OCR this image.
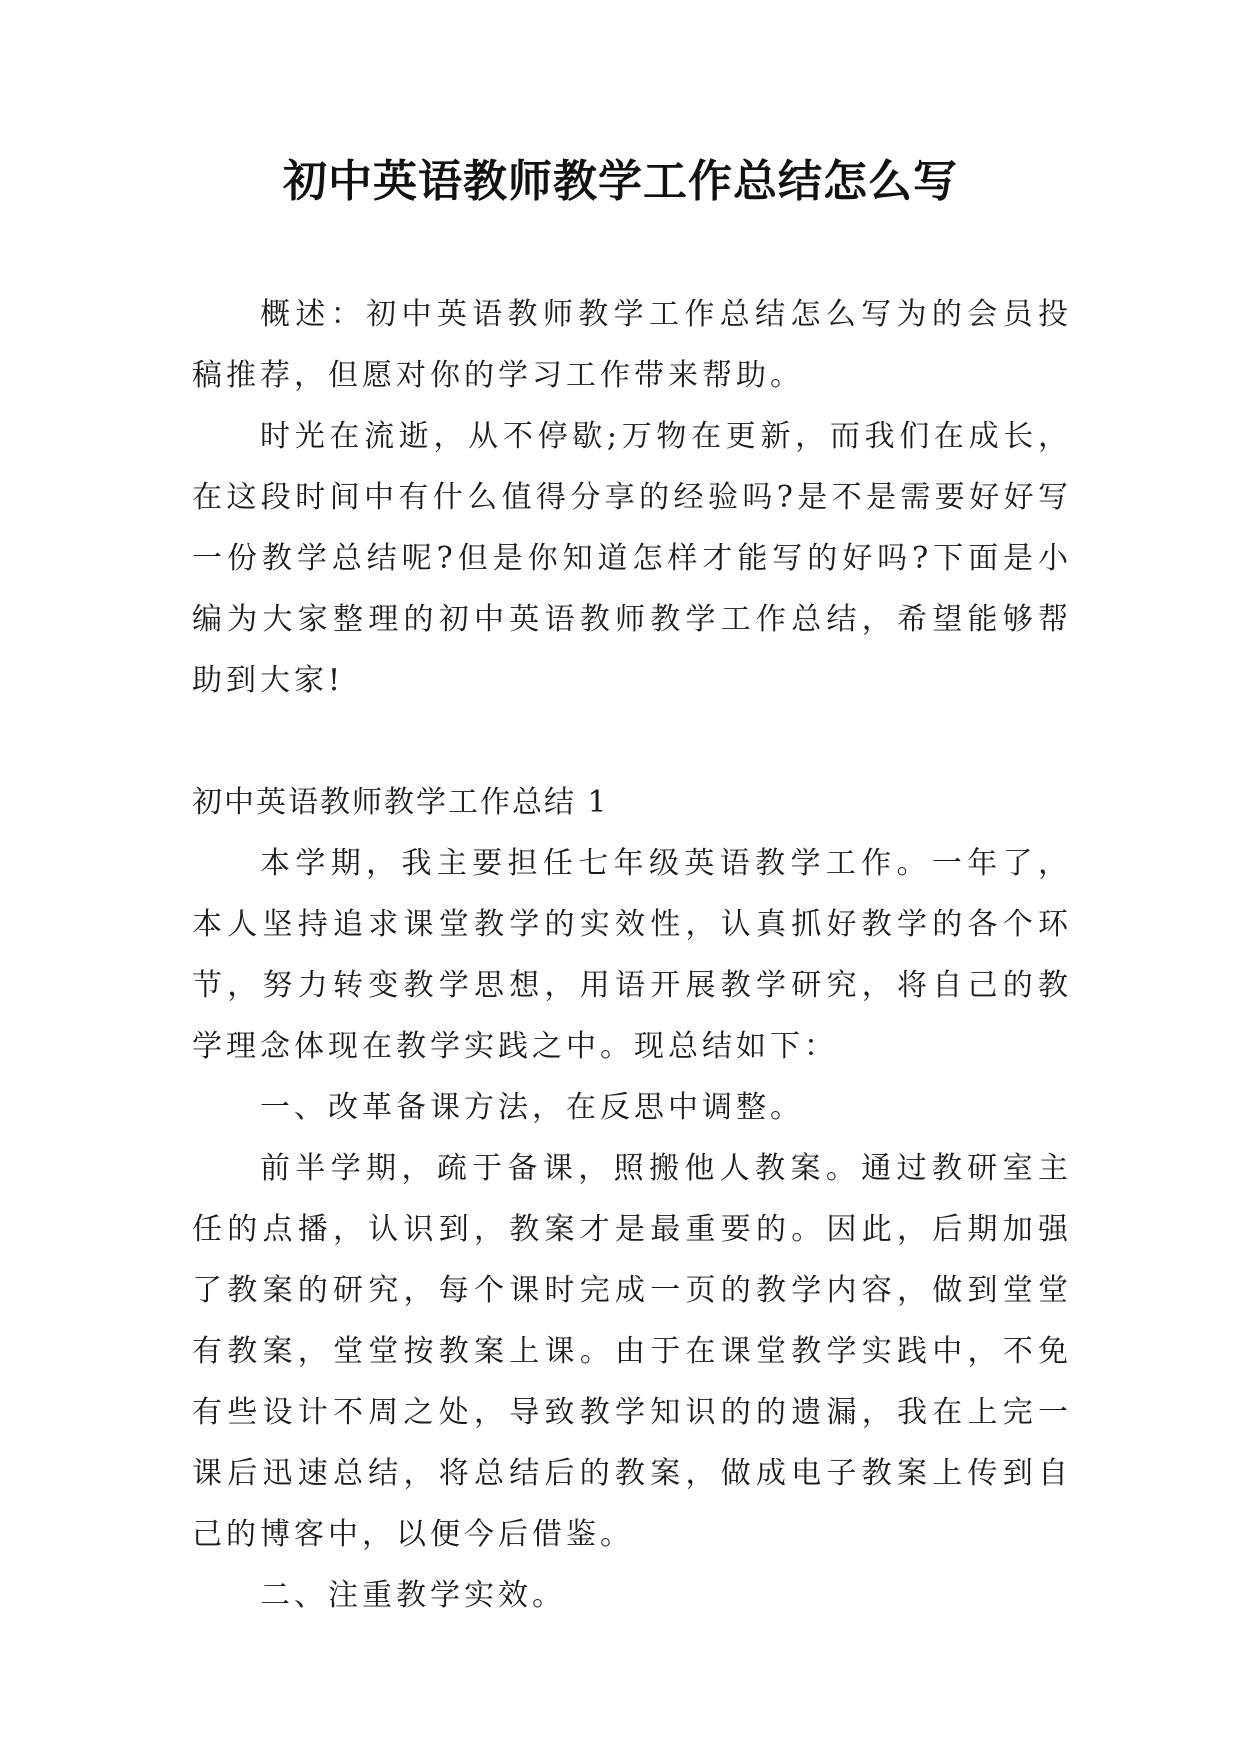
初中英语教师教学工作总结怎么写

概述：初中英语教师教学工作总结怎么写为的会员投稿推荐，但愿对你的学习工作带来帮助。

时光在流逝，从不停歇;万物在更新，而我们在成长，在这段时间中有什么值得分享的经验吗?是不是需要好好写一份教学总结呢?但是你知道怎样才能写的好吗?下面是小编为大家整理的初中英语教师教学工作总结，希望能够帮助到大家!

初中英语教师教学工作总结 1

本学期，我主要担任七年级英语教学工作。一年了，本人坚持追求课堂教学的实效性，认真抓好教学的各个环节，努力转变教学思想，用语开展教学研究，将自己的教学理念体现在教学实践之中。现总结如下：

一、改革备课方法，在反思中调整。

前半学期，疏于备课，照搬他人教案。通过教研室主任的点播，认识到，教案才是最重要的。因此，后期加强了教案的研究，每个课时完成一页的教学内容，做到堂堂有教案，堂堂按教案上课。由于在课堂教学实践中，不免有些设计不周之处，导致教学知识的的遗漏，我在上完一课后迅速总结，将总结后的教案，做成电子教案上传到自己的博客中，以便今后借鉴。

二、注重教学实效。
